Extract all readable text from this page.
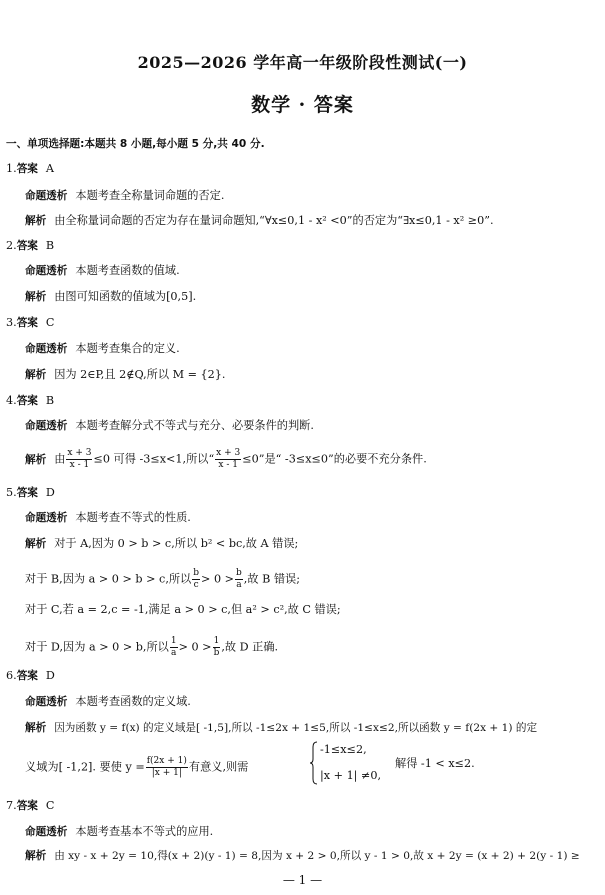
2025—2026 学年高一年级阶段性测试(一)
数学 · 答案
一、单项选择题:本题共 8 小题,每小题 5 分,共 40 分.
1.答案 A
命题透析 本题考查全称量词命题的否定.
解析 由全称量词命题的否定为存在量词命题知,“∀x≤0,1 - x² <0”的否定为“∃x≤0,1 - x² ≥0”.
2.答案 B
命题透析 本题考查函数的值域.
解析 由图可知函数的值域为[0,5].
3.答案 C
命题透析 本题考查集合的定义.
解析 因为 2∈P,且 2∉Q,所以 M = {2}.
4.答案 B
命题透析 本题考查解分式不等式与充分、必要条件的判断.
解析 由 $\frac{x + 3}{x - 1} \le 0$ 可得 -3≤x<1,所以“ $\frac{x + 3}{x - 1} \le 0$”是“ -3≤x≤0”的必要不充分条件.
5.答案 D
命题透析 本题考查不等式的性质.
解析 对于 A,因为 0 > b > c,所以 b² < bc,故 A 错误;
对于 B,因为 a > 0 > b > c,所以 $\frac{b}{c} > 0 > \frac{b}{a}$ ,故 B 错误;
对于 C,若 a = 2,c = -1,满足 a > 0 > c,但 a² > c²,故 C 错误;
对于 D,因为 a > 0 > b,所以 $\frac{1}{a} > 0 > \frac{1}{b}$ ,故 D 正确.
6.答案 D
命题透析 本题考查函数的定义域.
解析 因为函数 y = f(x) 的定义域是[ -1,5],所以 -1≤2x + 1≤5,所以 -1≤x≤2,所以函数 y = f(2x + 1) 的定
义域为[ -1,2]. 要使 $y = \frac{f(2x + 1)}{|x + 1|}$ 有意义,则需
-1≤x≤2,
|x + 1| ≠0,
解得 -1 < x≤2.
7.答案 C
命题透析 本题考查基本不等式的应用.
解析 由 xy - x + 2y = 10,得(x + 2)(y - 1) = 8,因为 x + 2 > 0,所以 y - 1 > 0,故 x + 2y = (x + 2) + 2(y - 1) ≥
— 1 —
